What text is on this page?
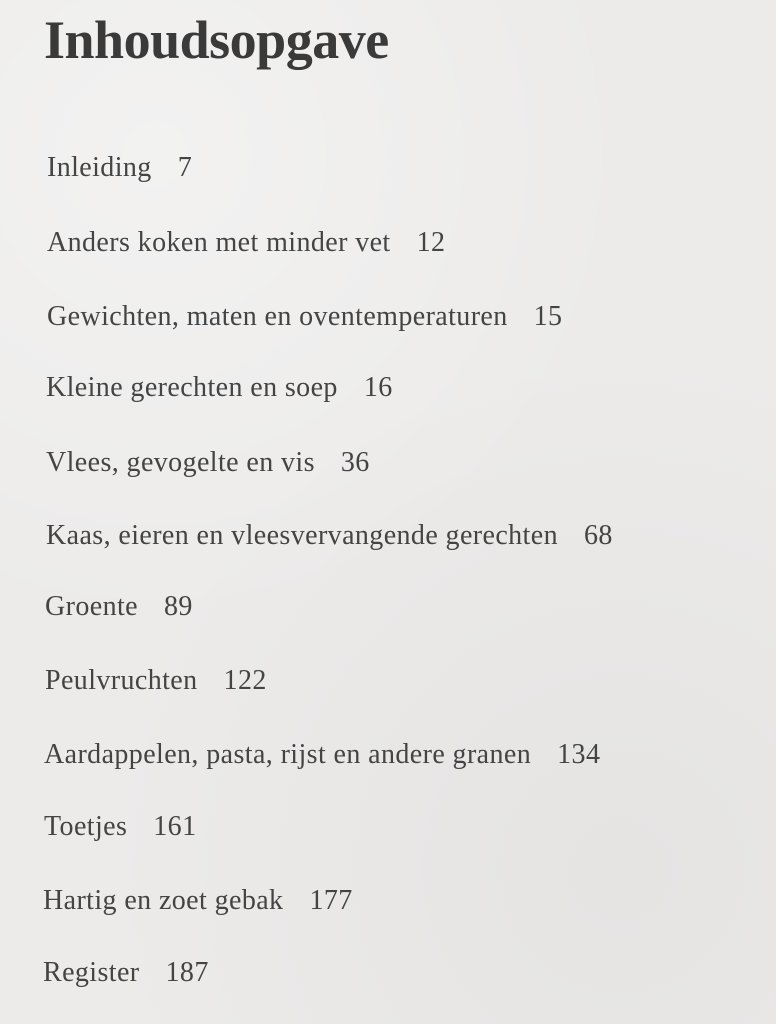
Inhoudsopgave
Inleiding 7
Anders koken met minder vet 12
Gewichten, maten en oventemperaturen 15
Kleine gerechten en soep 16
Vlees, gevogelte en vis 36
Kaas, eieren en vleesvervangende gerechten 68
Groente 89
Peulvruchten 122
Aardappelen, pasta, rijst en andere granen 134
Toetjes 161
Hartig en zoet gebak 177
Register 187
